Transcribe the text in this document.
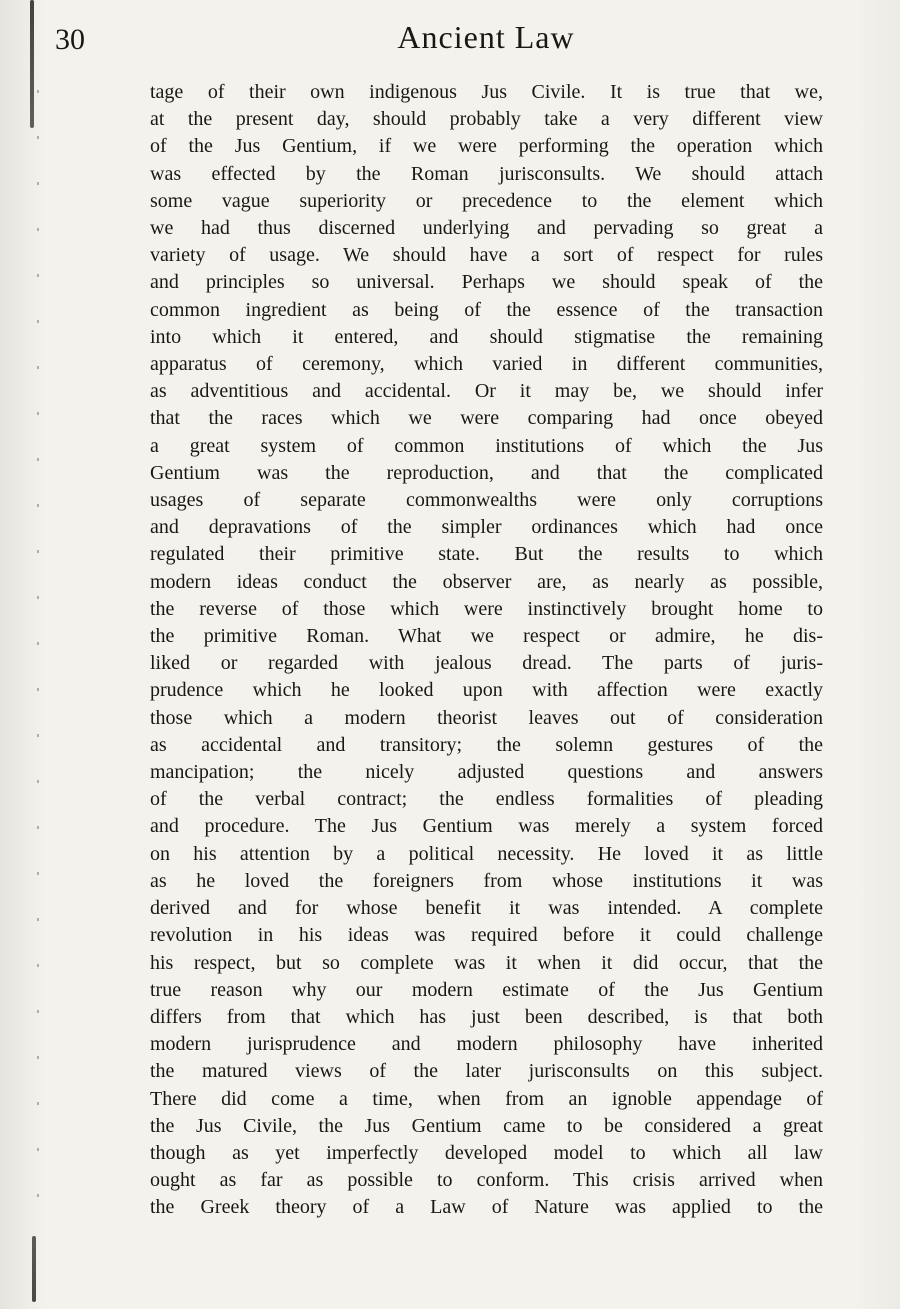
30	Ancient Law
tage of their own indigenous Jus Civile. It is true that we,
at the present day, should probably take a very different view
of the Jus Gentium, if we were performing the operation which
was effected by the Roman jurisconsults. We should attach
some vague superiority or precedence to the element which
we had thus discerned underlying and pervading so great a
variety of usage. We should have a sort of respect for rules
and principles so universal. Perhaps we should speak of the
common ingredient as being of the essence of the transaction
into which it entered, and should stigmatise the remaining
apparatus of ceremony, which varied in different communities,
as adventitious and accidental. Or it may be, we should infer
that the races which we were comparing had once obeyed
a great system of common institutions of which the Jus
Gentium was the reproduction, and that the complicated
usages of separate commonwealths were only corruptions
and depravations of the simpler ordinances which had once
regulated their primitive state. But the results to which
modern ideas conduct the observer are, as nearly as possible,
the reverse of those which were instinctively brought home to
the primitive Roman. What we respect or admire, he dis-
liked or regarded with jealous dread. The parts of juris-
prudence which he looked upon with affection were exactly
those which a modern theorist leaves out of consideration
as accidental and transitory; the solemn gestures of the
mancipation; the nicely adjusted questions and answers
of the verbal contract; the endless formalities of pleading
and procedure. The Jus Gentium was merely a system forced
on his attention by a political necessity. He loved it as little
as he loved the foreigners from whose institutions it was
derived and for whose benefit it was intended. A complete
revolution in his ideas was required before it could challenge
his respect, but so complete was it when it did occur, that the
true reason why our modern estimate of the Jus Gentium
differs from that which has just been described, is that both
modern jurisprudence and modern philosophy have inherited
the matured views of the later jurisconsults on this subject.
There did come a time, when from an ignoble appendage of
the Jus Civile, the Jus Gentium came to be considered a great
though as yet imperfectly developed model to which all law
ought as far as possible to conform. This crisis arrived when
the Greek theory of a Law of Nature was applied to the
